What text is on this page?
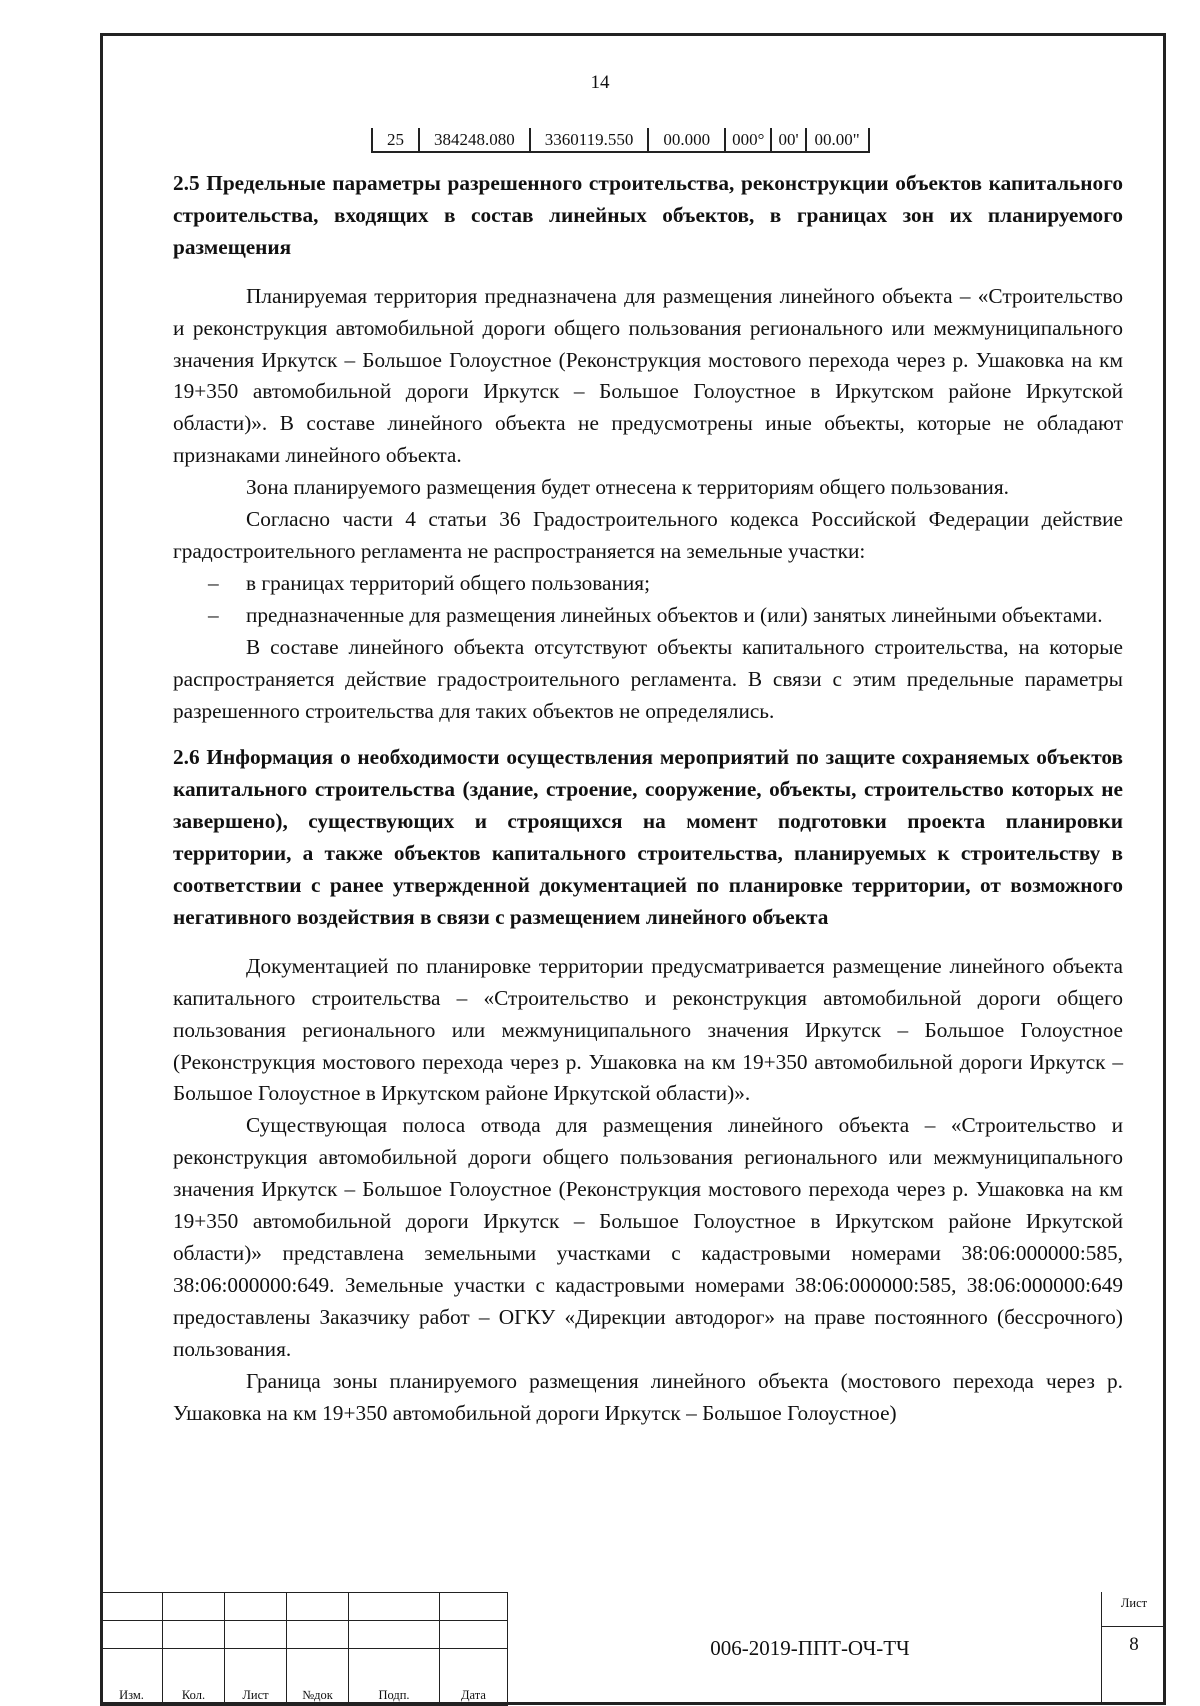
14
25	384248.080	3360119.550	00.000	000°	00'	00.00"
2.5 Предельные параметры разрешенного строительства, реконструкции объектов капитального строительства, входящих в состав линейных объектов, в границах зон их планируемого размещения

Планируемая территория предназначена для размещения линейного объекта – «Строительство и реконструкция автомобильной дороги общего пользования регионального или межмуниципального значения Иркутск – Большое Голоустное (Реконструкция мостового перехода через р. Ушаковка на км 19+350 автомобильной дороги Иркутск – Большое Голоустное в Иркутском районе Иркутской области)». В составе линейного объекта не предусмотрены иные объекты, которые не обладают признаками линейного объекта.

Зона планируемого размещения будет отнесена к территориям общего пользования.

Согласно части 4 статьи 36 Градостроительного кодекса Российской Федерации действие градостроительного регламента не распространяется на земельные участки:

– в границах территорий общего пользования;
– предназначенные для размещения линейных объектов и (или) занятых линейными объектами.

В составе линейного объекта отсутствуют объекты капитального строительства, на которые распространяется действие градостроительного регламента. В связи с этим предельные параметры разрешенного строительства для таких объектов не определялись.

2.6 Информация о необходимости осуществления мероприятий по защите сохраняемых объектов капитального строительства (здание, строение, сооружение, объекты, строительство которых не завершено), существующих и строящихся на момент подготовки проекта планировки территории, а также объектов капитального строительства, планируемых к строительству в соответствии с ранее утвержденной документацией по планировке территории, от возможного негативного воздействия в связи с размещением линейного объекта

Документацией по планировке территории предусматривается размещение линейного объекта капитального строительства – «Строительство и реконструкция автомобильной дороги общего пользования регионального или межмуниципального значения Иркутск – Большое Голоустное (Реконструкция мостового перехода через р. Ушаковка на км 19+350 автомобильной дороги Иркутск – Большое Голоустное в Иркутском районе Иркутской области)».

Существующая полоса отвода для размещения линейного объекта – «Строительство и реконструкция автомобильной дороги общего пользования регионального или межмуниципального значения Иркутск – Большое Голоустное (Реконструкция мостового перехода через р. Ушаковка на км 19+350 автомобильной дороги Иркутск – Большое Голоустное в Иркутском районе Иркутской области)» представлена земельными участками с кадастровыми номерами 38:06:000000:585, 38:06:000000:649. Земельные участки с кадастровыми номерами 38:06:000000:585, 38:06:000000:649 предоставлены Заказчику работ – ОГКУ «Дирекции автодорог» на праве постоянного (бессрочного) пользования.

Граница зоны планируемого размещения линейного объекта (мостового перехода через р. Ушаковка на км 19+350 автомобильной дороги Иркутск – Большое Голоустное)

Изм.	Кол.	Лист	№док	Подп.	Дата
006-2019-ППТ-ОЧ-ТЧ
Лист
8
